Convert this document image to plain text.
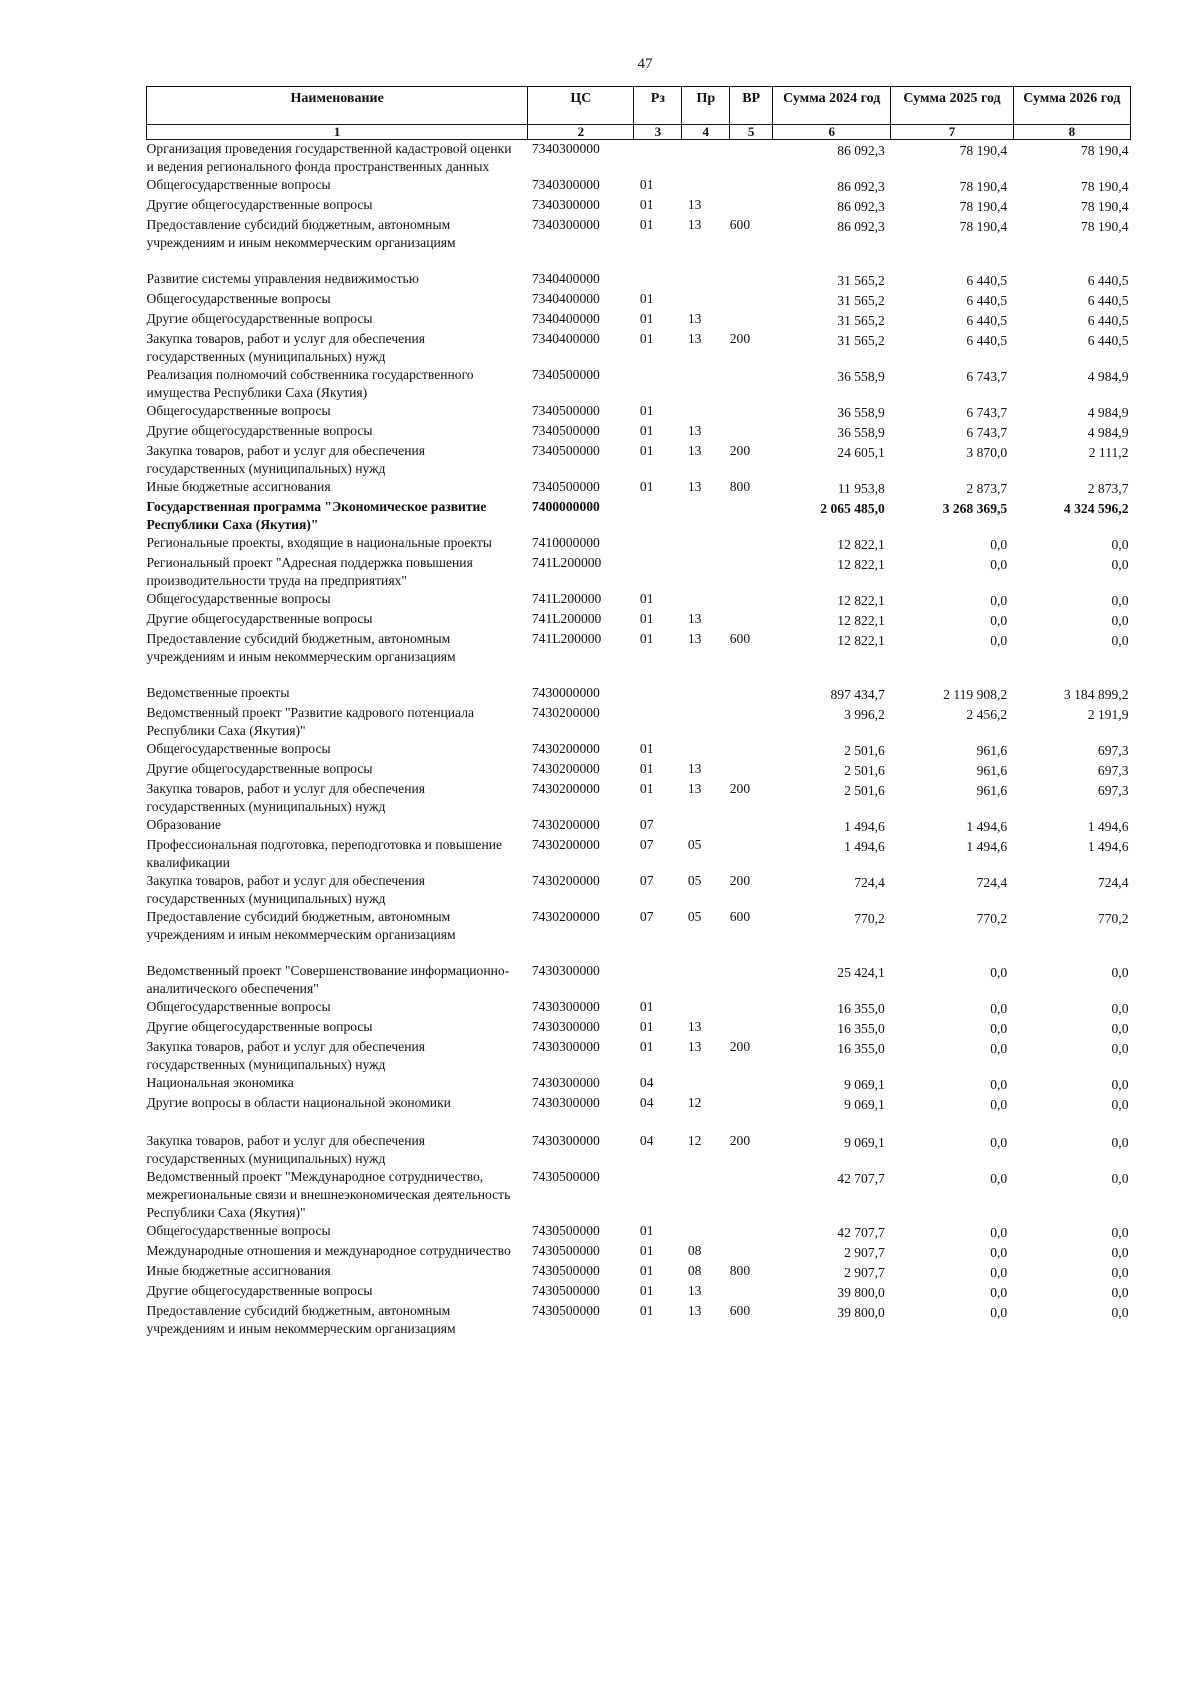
47
Наименование	ЦС	Рз	Пр	ВР	Сумма 2024 год	Сумма 2025 год	Сумма 2026 год
1	2	3	4	5	6	7	8
Организация проведения государственной кадастровой оценки и ведения регионального фонда пространственных данных	7340300000				86 092,3	78 190,4	78 190,4
Общегосударственные вопросы	7340300000	01			86 092,3	78 190,4	78 190,4
Другие общегосударственные вопросы	7340300000	01	13		86 092,3	78 190,4	78 190,4
Предоставление субсидий бюджетным, автономным учреждениям и иным некоммерческим организациям	7340300000	01	13	600	86 092,3	78 190,4	78 190,4
Развитие системы управления недвижимостью	7340400000				31 565,2	6 440,5	6 440,5
Общегосударственные вопросы	7340400000	01			31 565,2	6 440,5	6 440,5
Другие общегосударственные вопросы	7340400000	01	13		31 565,2	6 440,5	6 440,5
Закупка товаров, работ и услуг для обеспечения государственных (муниципальных) нужд	7340400000	01	13	200	31 565,2	6 440,5	6 440,5
Реализация полномочий собственника государственного имущества Республики Саха (Якутия)	7340500000				36 558,9	6 743,7	4 984,9
Общегосударственные вопросы	7340500000	01			36 558,9	6 743,7	4 984,9
Другие общегосударственные вопросы	7340500000	01	13		36 558,9	6 743,7	4 984,9
Закупка товаров, работ и услуг для обеспечения государственных (муниципальных) нужд	7340500000	01	13	200	24 605,1	3 870,0	2 111,2
Иные бюджетные ассигнования	7340500000	01	13	800	11 953,8	2 873,7	2 873,7
Государственная программа "Экономическое развитие Республики Саха (Якутия)"	7400000000				2 065 485,0	3 268 369,5	4 324 596,2
Региональные проекты, входящие в национальные проекты	7410000000				12 822,1	0,0	0,0
Региональный проект "Адресная поддержка повышения производительности труда на предприятиях"	741L200000				12 822,1	0,0	0,0
Общегосударственные вопросы	741L200000	01			12 822,1	0,0	0,0
Другие общегосударственные вопросы	741L200000	01	13		12 822,1	0,0	0,0
Предоставление субсидий бюджетным, автономным учреждениям и иным некоммерческим организациям	741L200000	01	13	600	12 822,1	0,0	0,0
Ведомственные проекты	7430000000				897 434,7	2 119 908,2	3 184 899,2
Ведомственный проект "Развитие кадрового потенциала Республики Саха (Якутия)"	7430200000				3 996,2	2 456,2	2 191,9
Общегосударственные вопросы	7430200000	01			2 501,6	961,6	697,3
Другие общегосударственные вопросы	7430200000	01	13		2 501,6	961,6	697,3
Закупка товаров, работ и услуг для обеспечения государственных (муниципальных) нужд	7430200000	01	13	200	2 501,6	961,6	697,3
Образование	7430200000	07			1 494,6	1 494,6	1 494,6
Профессиональная подготовка, переподготовка и повышение квалификации	7430200000	07	05		1 494,6	1 494,6	1 494,6
Закупка товаров, работ и услуг для обеспечения государственных (муниципальных) нужд	7430200000	07	05	200	724,4	724,4	724,4
Предоставление субсидий бюджетным, автономным учреждениям и иным некоммерческим организациям	7430200000	07	05	600	770,2	770,2	770,2
Ведомственный проект "Совершенствование информационно-аналитического обеспечения"	7430300000				25 424,1	0,0	0,0
Общегосударственные вопросы	7430300000	01			16 355,0	0,0	0,0
Другие общегосударственные вопросы	7430300000	01	13		16 355,0	0,0	0,0
Закупка товаров, работ и услуг для обеспечения государственных (муниципальных) нужд	7430300000	01	13	200	16 355,0	0,0	0,0
Национальная экономика	7430300000	04			9 069,1	0,0	0,0
Другие вопросы в области национальной экономики	7430300000	04	12		9 069,1	0,0	0,0
Закупка товаров, работ и услуг для обеспечения государственных (муниципальных) нужд	7430300000	04	12	200	9 069,1	0,0	0,0
Ведомственный проект "Международное сотрудничество, межрегиональные связи и внешнеэкономическая деятельность Республики Саха (Якутия)"	7430500000				42 707,7	0,0	0,0
Общегосударственные вопросы	7430500000	01			42 707,7	0,0	0,0
Международные отношения и международное сотрудничество	7430500000	01	08		2 907,7	0,0	0,0
Иные бюджетные ассигнования	7430500000	01	08	800	2 907,7	0,0	0,0
Другие общегосударственные вопросы	7430500000	01	13		39 800,0	0,0	0,0
Предоставление субсидий бюджетным, автономным учреждениям и иным некоммерческим организациям	7430500000	01	13	600	39 800,0	0,0	0,0
